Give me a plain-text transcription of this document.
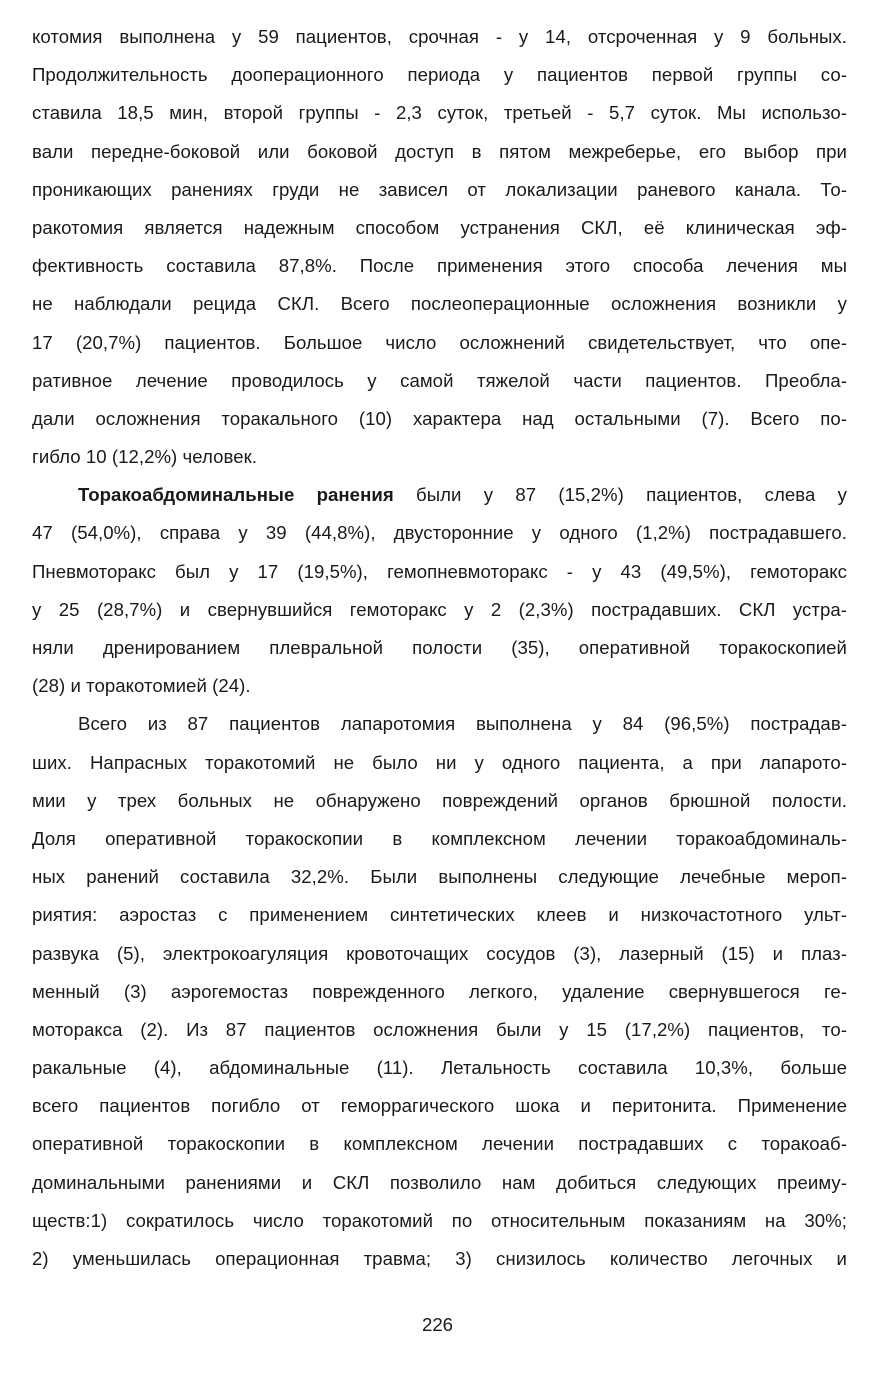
котомия выполнена у 59 пациентов, срочная - у 14, отсроченная у 9 больных.
Продолжительность дооперационного периода у пациентов первой группы со-
ставила 18,5 мин, второй группы - 2,3 суток, третьей - 5,7 суток. Мы использо-
вали передне-боковой или боковой доступ в пятом межреберье, его выбор при
проникающих ранениях груди не зависел от локализации раневого канала. То-
ракотомия является надежным способом устранения СКЛ, её клиническая эф-
фективность составила 87,8%. После применения этого способа лечения мы
не наблюдали рецида СКЛ. Всего послеоперационные осложнения возникли у
17 (20,7%) пациентов. Большое число осложнений свидетельствует, что опе-
ративное лечение проводилось у самой тяжелой части пациентов. Преобла-
дали осложнения торакального (10) характера над остальными (7). Всего по-
гибло 10 (12,2%) человек.
Торакоабдоминальные ранения были у 87 (15,2%) пациентов, слева у
47 (54,0%), справа у 39 (44,8%), двусторонние у одного (1,2%) пострадавшего.
Пневмоторакс был у 17 (19,5%), гемопневмоторакс - у 43 (49,5%), гемоторакс
у 25 (28,7%) и свернувшийся гемоторакс у 2 (2,3%) пострадавших. СКЛ устра-
няли дренированием плевральной полости (35), оперативной торакоскопией
(28) и торакотомией (24).
Всего из 87 пациентов лапаротомия выполнена у 84 (96,5%) пострадав-
ших. Напрасных торакотомий не было ни у одного пациента, а при лапарото-
мии у трех больных не обнаружено повреждений органов брюшной полости.
Доля оперативной торакоскопии в комплексном лечении торакоабдоминаль-
ных ранений составила 32,2%. Были выполнены следующие лечебные мероп-
риятия: аэростаз с применением синтетических клеев и низкочастотного ульт-
развука (5), электрокоагуляция кровоточащих сосудов (3), лазерный (15) и плаз-
менный (3) аэрогемостаз поврежденного легкого, удаление свернувшегося ге-
моторакса (2). Из 87 пациентов осложнения были у 15 (17,2%) пациентов, то-
ракальные (4), абдоминальные (11). Летальность составила 10,3%, больше
всего пациентов погибло от геморрагического шока и перитонита. Применение
оперативной торакоскопии в комплексном лечении пострадавших с торакоаб-
доминальными ранениями и СКЛ позволило нам добиться следующих преиму-
ществ:1) сократилось число торакотомий по относительным показаниям на 30%;
2) уменьшилась операционная травма; 3) снизилось количество легочных и
226
